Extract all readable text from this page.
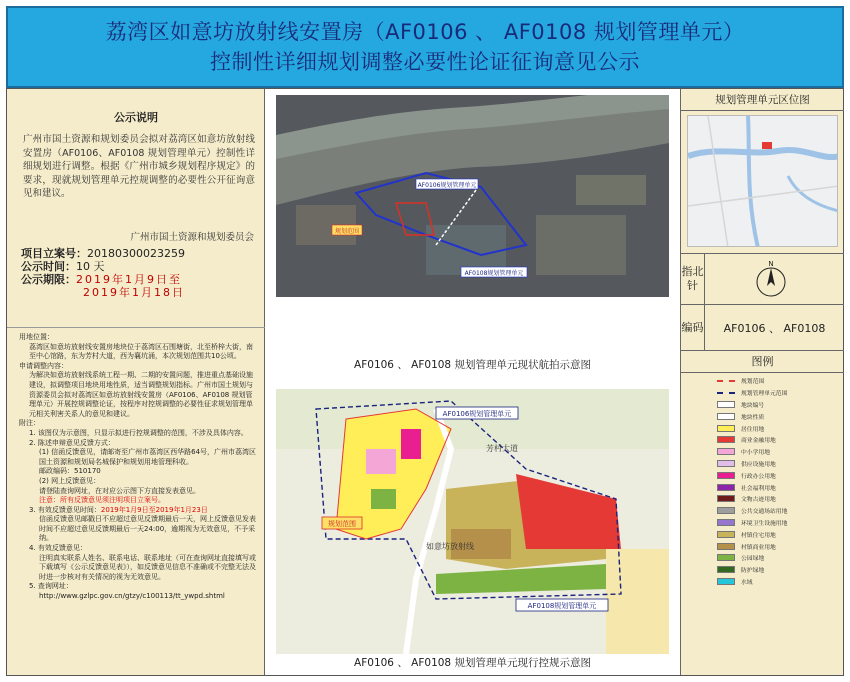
荔湾区如意坊放射线安置房（AF0106 、 AF0108 规划管理单元）
控制性详细规划调整必要性论证征询意见公示
公示说明
广州市国土资源和规划委员会拟对荔湾区如意坊放射线安置房（AF0106、AF0108 规划管理单元）控制性详细规划进行调整。根据《广州市城乡规划程序规定》的要求，现就规划管理单元控规调整的必要性公开征询意见和建议。
广州市国土资源和规划委员会
项目立案号： 20180300023259
公示时间： 10 天
公示期限： 2019年1月9日至
2019年1月18日

用地位置：

荔湾区如意坊放射线安置房地块位于荔湾区石围塘街，北至桥梓大街，南至中心馆路，东为芳村大道，西为襄坑涌，本次规划范围共10公顷。

申请调整内容：

为解决如意坊放射线系统工程一期、二期的安置问题，推进重点基础设施建设，拟调整项目地块用地性质，适当调整规划指标。广州市国土规划与资源委员会拟对荔湾区如意坊放射线安置房（AF0106、AF0108 规划管理单元）开展控规调整论证，按程序对控规调整的必要性征求规划管理单元相关利害关系人的意见和建议。

附注：

1. 该图仅为示意图，只显示拟进行控规调整的范围，不涉及具体内容。

2. 陈述申辩意见反馈方式：

(1) 信函反馈意见，请邮寄至广州市荔湾区西华路64号，广州市荔湾区国土资源和规划局名城保护和规划用地管理科收。

邮政编码：510170

(2) 网上反馈意见：

请登陆查询网址，在对应公示图下方直接发表意见。

注意：所有反馈意见须注明项目立案号。

3. 有效反馈意见时间：2019年1月9日至2019年1月23日

信函反馈意见邮戳日不应超过意见反馈期最后一天，网上反馈意见发表时间不应超过意见反馈期最后一天24:00，逾期视为无效意见，不予采纳。

4. 有效反馈意见：

注明真实联系人姓名、联系电话、联系地址（可在查询网址直接填写或下载填写《公示反馈意见表》），如反馈意见信息不准确或不完整无法及时进一步核对有关情况的视为无效意见。

5. 查询网址：

http://www.gzlpc.gov.cn/gtzy/c100113/tt_ywpd.shtml

AF0106规划管理单元
AF0108规划管理单元
规划范围
AF0106 、 AF0108 规划管理单元现状航拍示意图
AF0106规划管理单元
AF0108规划管理单元
规划范围
芳村大道
如意坊放射线
AF0106 、 AF0108 规划管理单元现行控规示意图
规划管理单元区位图
指北针
N
编码	AF0106 、 AF0108
图例
规划范围
规划管理单元范围
地块编号
地块性质
居住用地
商业金融用地
中小学用地
供应设施用地
行政办公用地
社会福利用地
文物古迹用地
公共交通场站用地
环境卫生设施用地
村镇住宅用地
村镇商业用地
公园绿地
防护绿地
水域
